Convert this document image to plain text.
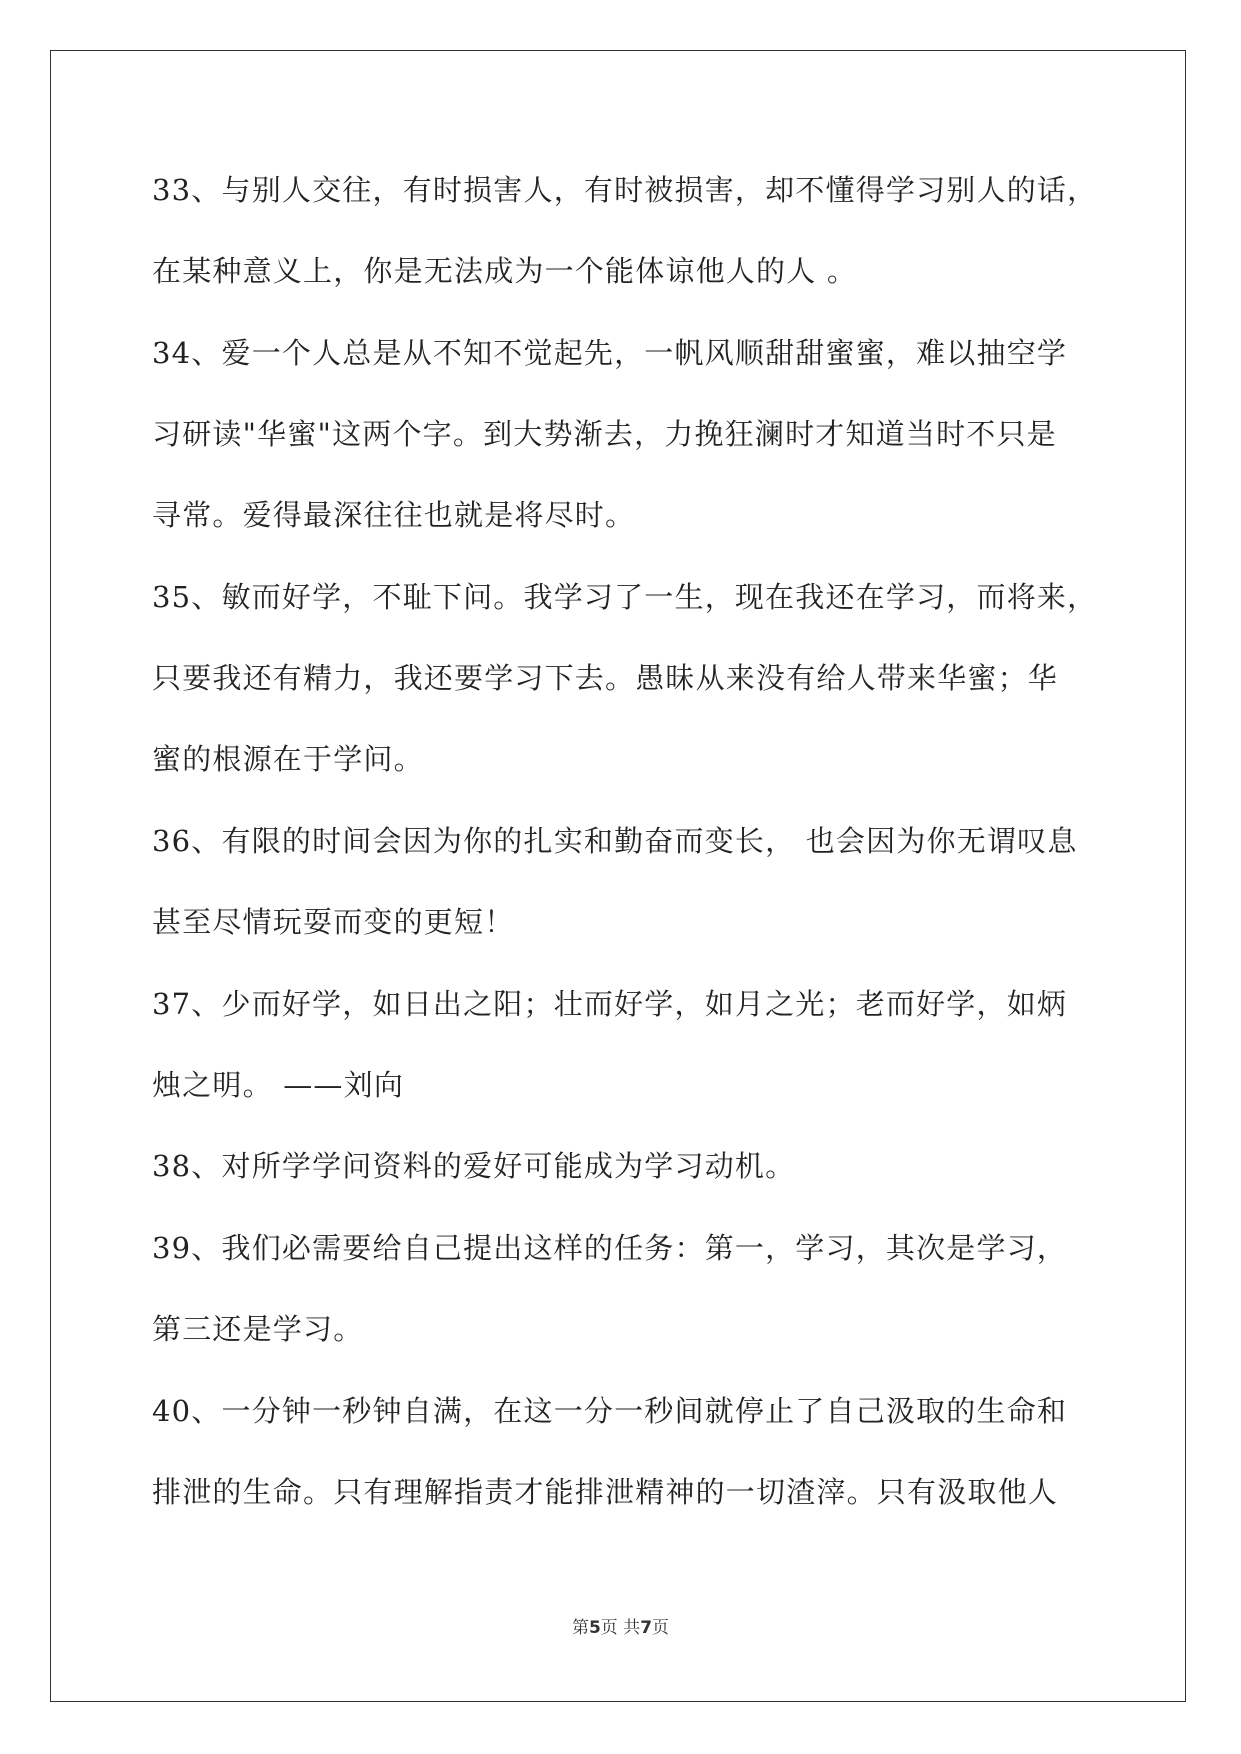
33、与别人交往，有时损害人，有时被损害，却不懂得学习别人的话，
在某种意义上，你是无法成为一个能体谅他人的人 。
34、爱一个人总是从不知不觉起先，一帆风顺甜甜蜜蜜，难以抽空学
习研读"华蜜"这两个字。到大势渐去，力挽狂澜时才知道当时不只是
寻常。爱得最深往往也就是将尽时。
35、敏而好学，不耻下问。我学习了一生，现在我还在学习，而将来，
只要我还有精力，我还要学习下去。愚昧从来没有给人带来华蜜；华
蜜的根源在于学问。
36、有限的时间会因为你的扎实和勤奋而变长， 也会因为你无谓叹息
甚至尽情玩耍而变的更短！
37、少而好学，如日出之阳；壮而好学，如月之光；老而好学，如炳
烛之明。 ——刘向
38、对所学学问资料的爱好可能成为学习动机。
39、我们必需要给自己提出这样的任务：第一，学习，其次是学习，
第三还是学习。
40、一分钟一秒钟自满，在这一分一秒间就停止了自己汲取的生命和
排泄的生命。只有理解指责才能排泄精神的一切渣滓。只有汲取他人
第5页 共7页
